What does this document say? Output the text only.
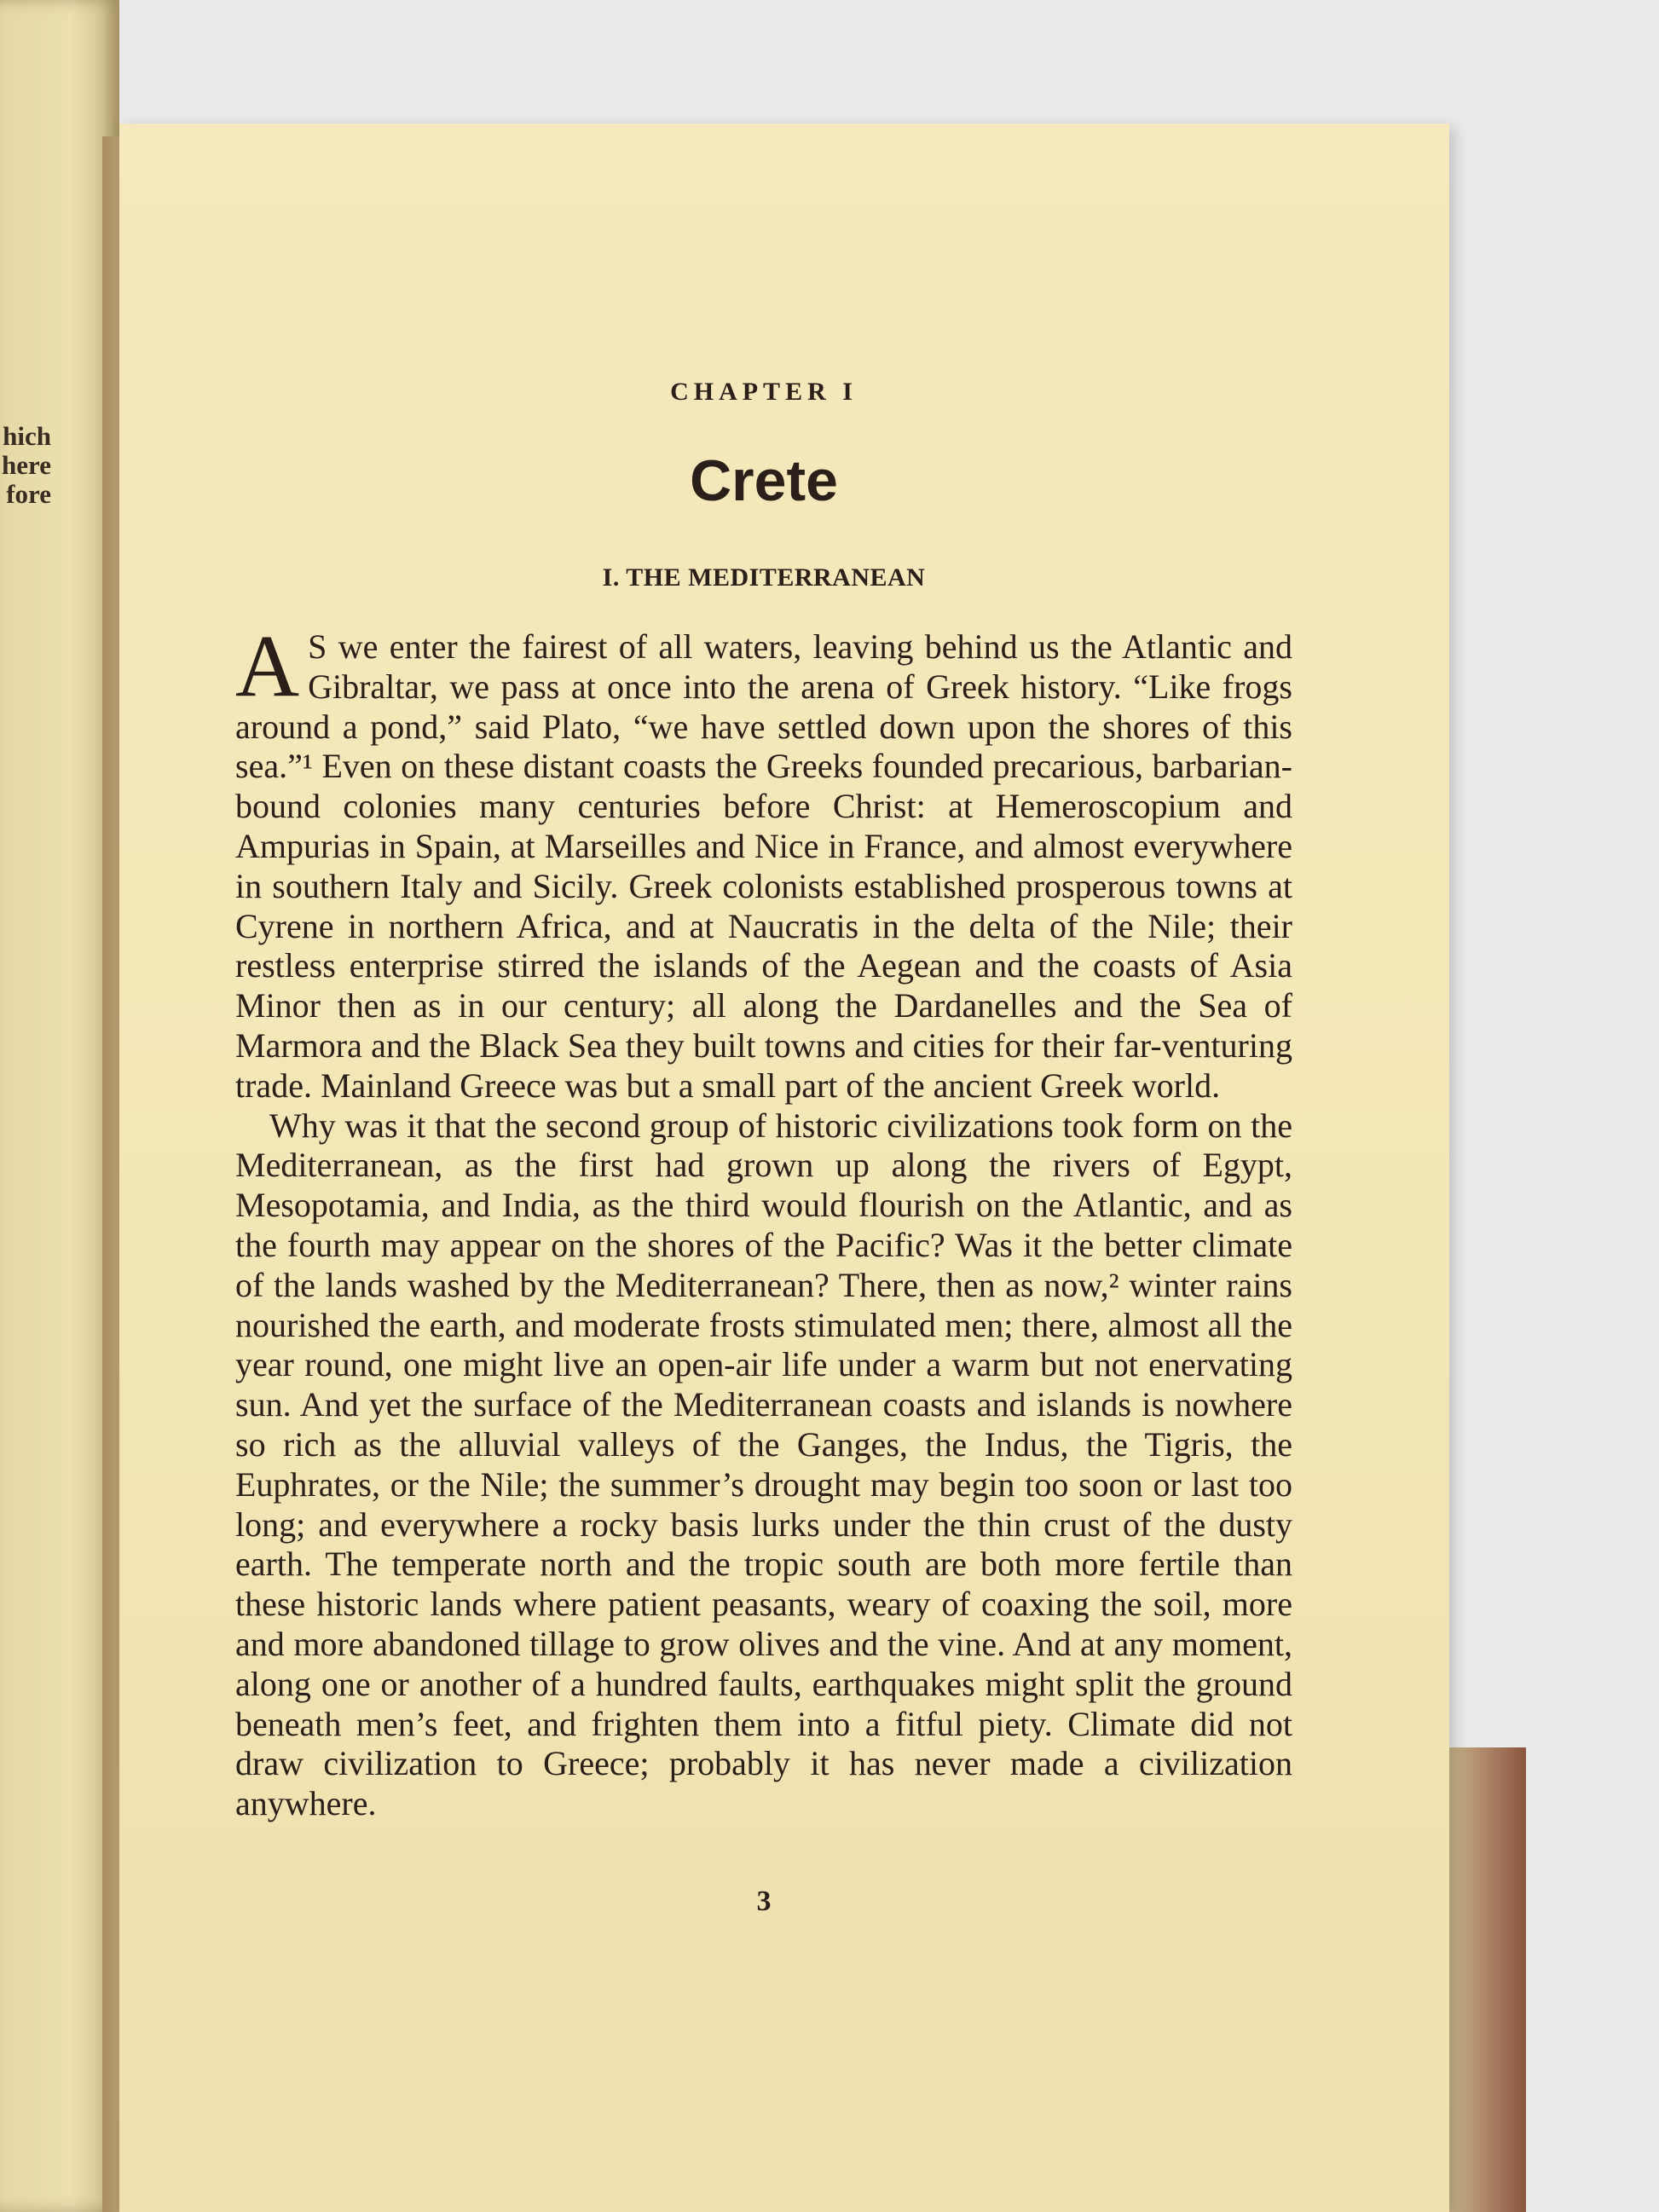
hich
here
fore
CHAPTER I
Crete
I. THE MEDITERRANEAN

A S we enter the fairest of all waters, leaving behind us the Atlantic and Gibraltar, we pass at once into the arena of Greek history. “Like frogs around a pond,” said Plato, “we have settled down upon the shores of this sea.”¹ Even on these distant coasts the Greeks founded precarious, barbarian-bound colonies many centuries before Christ: at Hemeroscopium and Ampurias in Spain, at Marseilles and Nice in France, and almost everywhere in southern Italy and Sicily. Greek colonists established prosperous towns at Cyrene in northern Africa, and at Naucratis in the delta of the Nile; their restless enterprise stirred the islands of the Aegean and the coasts of Asia Minor then as in our century; all along the Dardanelles and the Sea of Marmora and the Black Sea they built towns and cities for their far-venturing trade. Mainland Greece was but a small part of the ancient Greek world.

Why was it that the second group of historic civilizations took form on the Mediterranean, as the first had grown up along the rivers of Egypt, Mesopotamia, and India, as the third would flourish on the Atlantic, and as the fourth may appear on the shores of the Pacific? Was it the better climate of the lands washed by the Mediterranean? There, then as now,² winter rains nourished the earth, and moderate frosts stimulated men; there, almost all the year round, one might live an open-air life under a warm but not enervating sun. And yet the surface of the Mediterranean coasts and islands is nowhere so rich as the alluvial valleys of the Ganges, the Indus, the Tigris, the Euphrates, or the Nile; the summer’s drought may begin too soon or last too long; and everywhere a rocky basis lurks under the thin crust of the dusty earth. The temperate north and the tropic south are both more fertile than these historic lands where patient peasants, weary of coaxing the soil, more and more abandoned tillage to grow olives and the vine. And at any moment, along one or another of a hundred faults, earthquakes might split the ground beneath men’s feet, and frighten them into a fitful piety. Climate did not draw civilization to Greece; probably it has never made a civilization anywhere.

3
